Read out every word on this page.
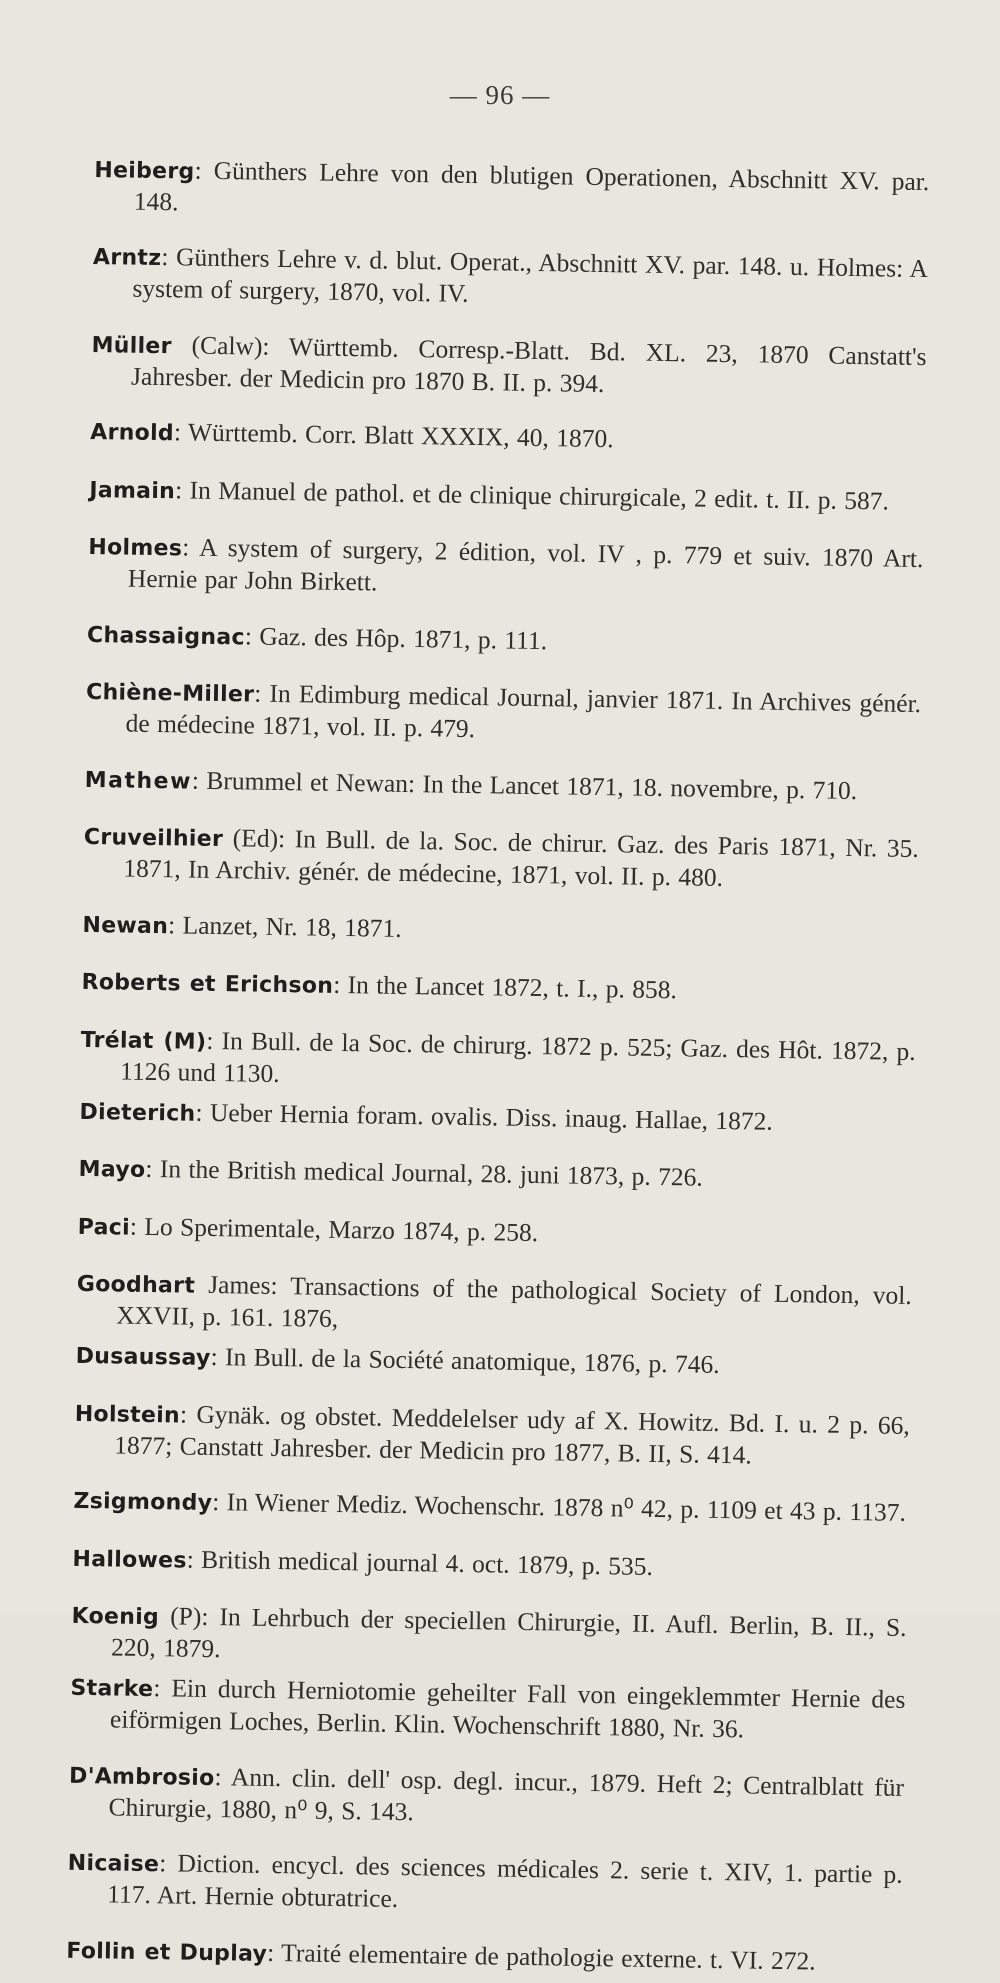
— 96 —

Heiberg: Günthers Lehre von den blutigen Operationen, Abschnitt XV. par. 148.

Arntz: Günthers Lehre v. d. blut. Operat., Abschnitt XV. par. 148. u. Holmes: A system of surgery, 1870, vol. IV.

Müller (Calw): Württemb. Corresp.-Blatt. Bd. XL. 23, 1870 Canstatt's Jahresber. der Medicin pro 1870 B. II. p. 394.

Arnold: Württemb. Corr. Blatt XXXIX, 40, 1870.

Jamain: In Manuel de pathol. et de clinique chirurgicale, 2 edit. t. II. p. 587.

Holmes: A system of surgery, 2 édition, vol. IV , p. 779 et suiv. 1870 Art. Hernie par John Birkett.

Chassaignac: Gaz. des Hôp. 1871, p. 111.

Chiène-Miller: In Edimburg medical Journal, janvier 1871. In Archives génér. de médecine 1871, vol. II. p. 479.

Mathew: Brummel et Newan: In the Lancet 1871, 18. novembre, p. 710.

Cruveilhier (Ed): In Bull. de la. Soc. de chirur. Gaz. des Paris 1871, Nr. 35. 1871, In Archiv. génér. de médecine, 1871, vol. II. p. 480.

Newan: Lanzet, Nr. 18, 1871.

Roberts et Erichson: In the Lancet 1872, t. I., p. 858.

Trélat (M): In Bull. de la Soc. de chirurg. 1872 p. 525; Gaz. des Hôt. 1872, p. 1126 und 1130.

Dieterich: Ueber Hernia foram. ovalis. Diss. inaug. Hallae, 1872.

Mayo: In the British medical Journal, 28. juni 1873, p. 726.

Paci: Lo Sperimentale, Marzo 1874, p. 258.

Goodhart James: Transactions of the pathological Society of London, vol. XXVII, p. 161. 1876,

Dusaussay: In Bull. de la Société anatomique, 1876, p. 746.

Holstein: Gynäk. og obstet. Meddelelser udy af X. Howitz. Bd. I. u. 2 p. 66, 1877; Canstatt Jahresber. der Medicin pro 1877, B. II, S. 414.

Zsigmondy: In Wiener Mediz. Wochenschr. 1878 n⁰ 42, p. 1109 et 43 p. 1137.

Hallowes: British medical journal 4. oct. 1879, p. 535.

Koenig (P): In Lehrbuch der speciellen Chirurgie, II. Aufl. Berlin, B. II., S. 220, 1879.

Starke: Ein durch Herniotomie geheilter Fall von eingeklemmter Hernie des eiförmigen Loches, Berlin. Klin. Wochenschrift 1880, Nr. 36.

D'Ambrosio: Ann. clin. dell' osp. degl. incur., 1879. Heft 2; Centralblatt für Chirurgie, 1880, n⁰ 9, S. 143.

Nicaise: Diction. encycl. des sciences médicales 2. serie t. XIV, 1. partie p. 117. Art. Hernie obturatrice.

Follin et Duplay: Traité elementaire de pathologie externe. t. VI. 272.
